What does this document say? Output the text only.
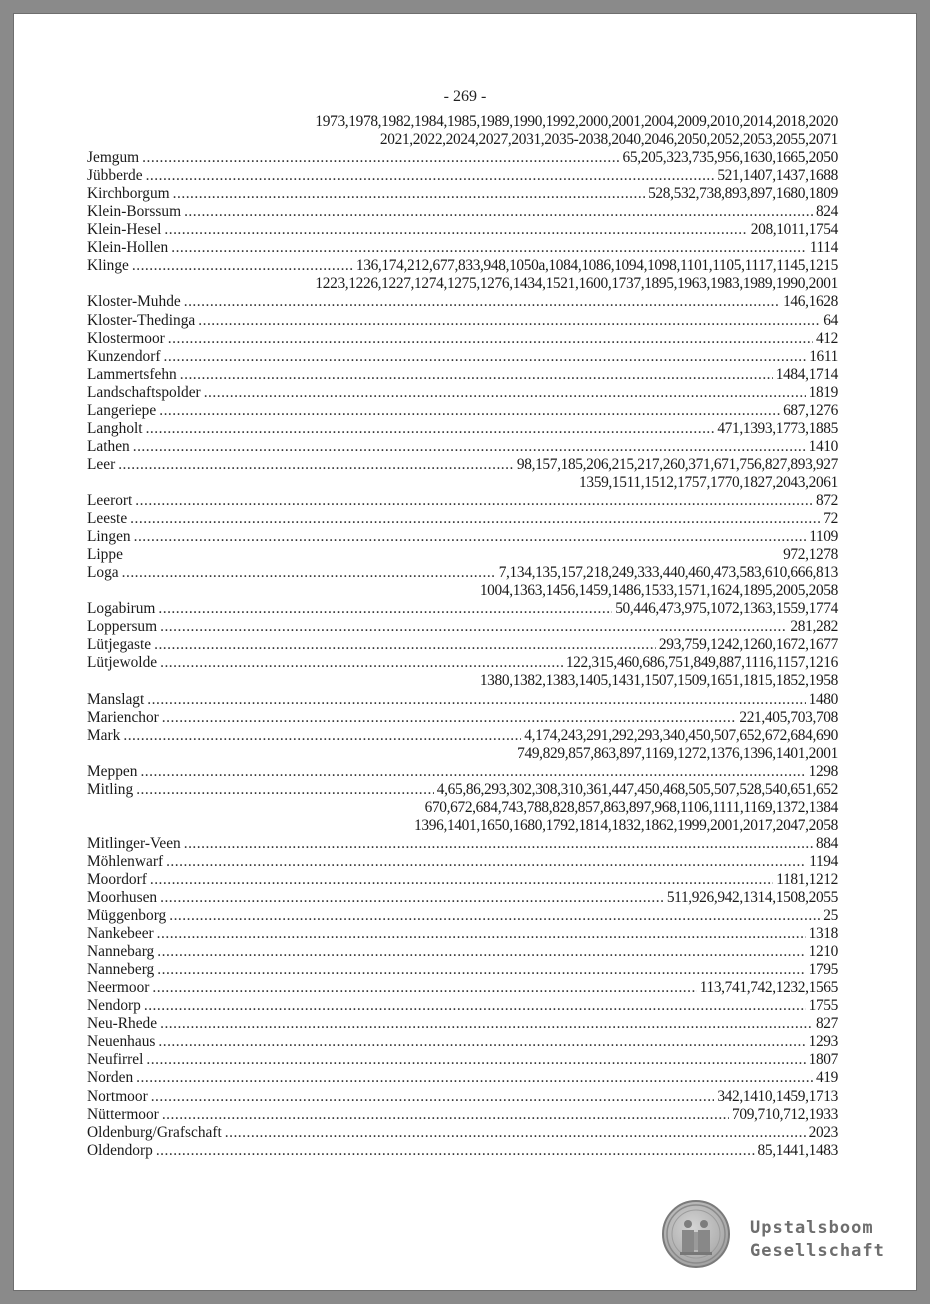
- 269 -
1973,1978,1982,1984,1985,1989,1990,1992,2000,2001,2004,2009,2010,2014,2018,2020
2021,2022,2024,2027,2031,2035-2038,2040,2046,2050,2052,2053,2055,2071
Jemgum .....	65,205,323,735,956,1630,1665,2050
Jübberde .....	521,1407,1437,1688
Kirchborgum .....	528,532,738,893,897,1680,1809
Klein-Borssum .....	824
Klein-Hesel .....	208,1011,1754
Klein-Hollen .....	1114
Klinge .....	136,174,212,677,833,948,1050a,1084,1086,1094,1098,1101,1105,1117,1145,1215
1223,1226,1227,1274,1275,1276,1434,1521,1600,1737,1895,1963,1983,1989,1990,2001
Kloster-Muhde .....	146,1628
Kloster-Thedinga .....	64
Klostermoor .....	412
Kunzendorf .....	1611
Lammertsfehn .....	1484,1714
Landschaftspolder .....	1819
Langeriepe .....	687,1276
Langholt .....	471,1393,1773,1885
Lathen .....	1410
Leer .....	98,157,185,206,215,217,260,371,671,756,827,893,927
1359,1511,1512,1757,1770,1827,2043,2061
Leerort .....	872
Leeste .....	72
Lingen .....	1109
Lippe	972,1278
Loga .....	7,134,135,157,218,249,333,440,460,473,583,610,666,813
1004,1363,1456,1459,1486,1533,1571,1624,1895,2005,2058
Logabirum .....	50,446,473,975,1072,1363,1559,1774
Loppersum .....	281,282
Lütjegaste .....	293,759,1242,1260,1672,1677
Lütjewolde .....	122,315,460,686,751,849,887,1116,1157,1216
1380,1382,1383,1405,1431,1507,1509,1651,1815,1852,1958
Manslagt .....	1480
Marienchor .....	221,405,703,708
Mark .....	4,174,243,291,292,293,340,450,507,652,672,684,690
749,829,857,863,897,1169,1272,1376,1396,1401,2001
Meppen .....	1298
Mitling .....	4,65,86,293,302,308,310,361,447,450,468,505,507,528,540,651,652
670,672,684,743,788,828,857,863,897,968,1106,1111,1169,1372,1384
1396,1401,1650,1680,1792,1814,1832,1862,1999,2001,2017,2047,2058
Mitlinger-Veen .....	884
Möhlenwarf .....	1194
Moordorf .....	1181,1212
Moorhusen .....	511,926,942,1314,1508,2055
Müggenborg .....	25
Nankebeer .....	1318
Nannebarg .....	1210
Nanneberg .....	1795
Neermoor .....	113,741,742,1232,1565
Nendorp .....	1755
Neu-Rhede .....	827
Neuenhaus .....	1293
Neufirrel .....	1807
Norden .....	419
Nortmoor .....	342,1410,1459,1713
Nüttermoor .....	709,710,712,1933
Oldenburg/Grafschaft .....	2023
Oldendorp .....	85,1441,1483
Upstalsboom
Gesellschaft
